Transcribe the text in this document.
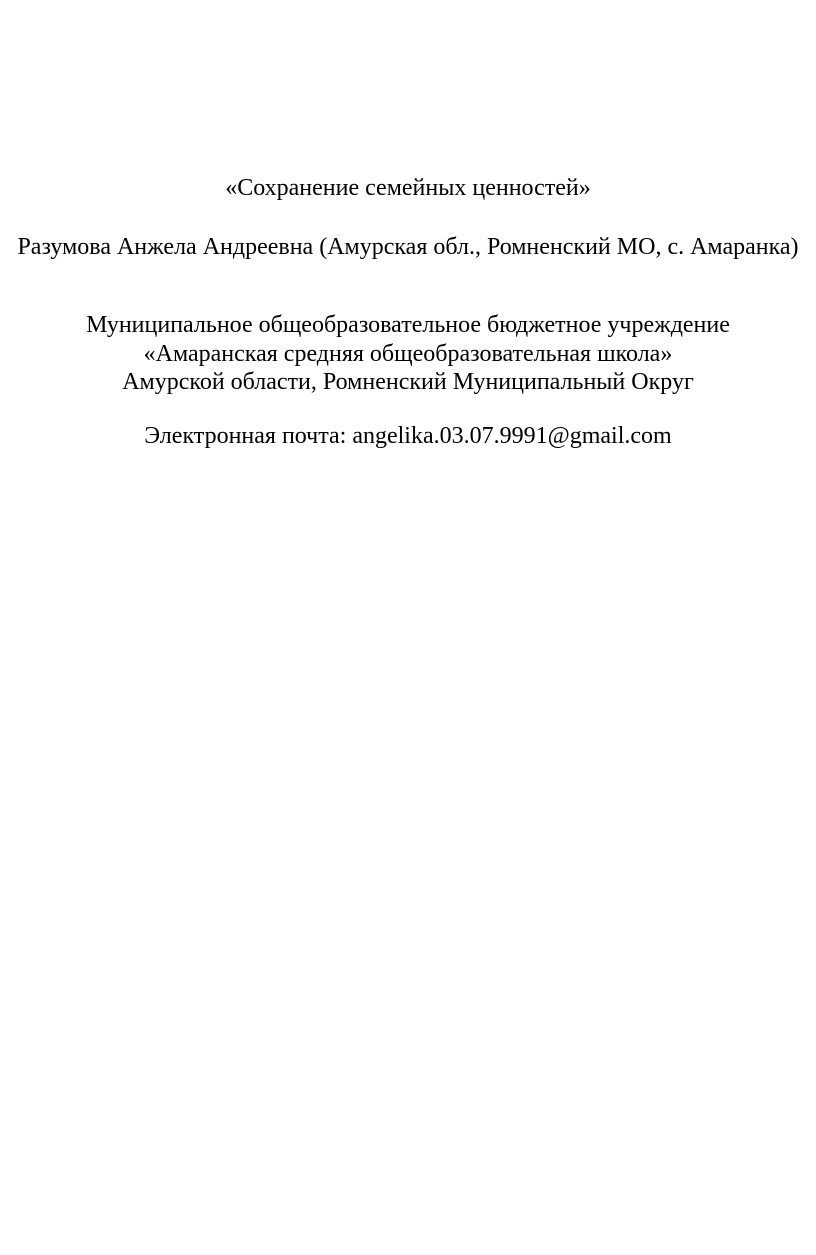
«Сохранение семейных ценностей»
Разумова Анжела Андреевна (Амурская обл., Ромненский МО, с. Амаранка)
Муниципальное общеобразовательное бюджетное учреждение
«Амаранская средняя общеобразовательная школа»
Амурской области, Ромненский Муниципальный Округ
Электронная почта: angelika.03.07.9991@gmail.com
